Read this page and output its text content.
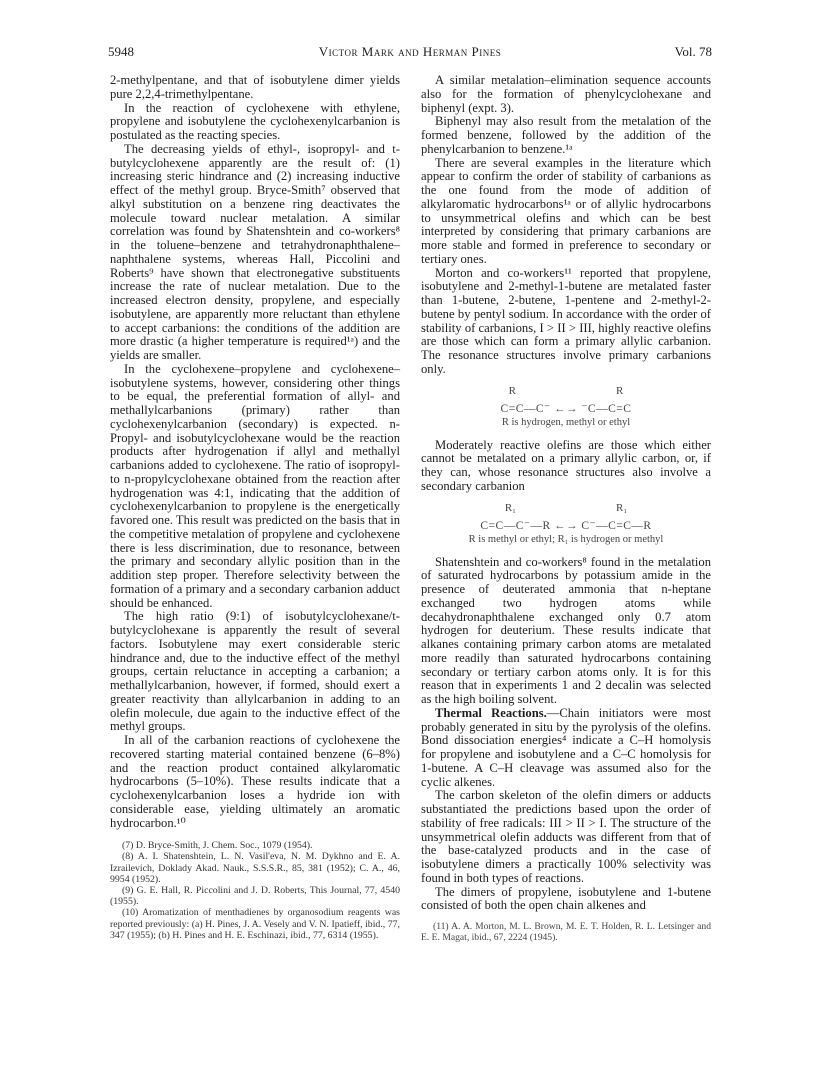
5948	Victor Mark and Herman Pines	Vol. 78

2-methylpentane, and that of isobutylene dimer yields pure 2,2,4-trimethylpentane.

In the reaction of cyclohexene with ethylene, propylene and isobutylene the cyclohexenylcarbanion is postulated as the reacting species.

The decreasing yields of ethyl-, isopropyl- and t-butylcyclohexene apparently are the result of: (1) increasing steric hindrance and (2) increasing inductive effect of the methyl group. Bryce-Smith⁷ observed that alkyl substitution on a benzene ring deactivates the molecule toward nuclear metalation. A similar correlation was found by Shatenshtein and co-workers⁸ in the toluene–benzene and tetrahydronaphthalene–naphthalene systems, whereas Hall, Piccolini and Roberts⁹ have shown that electronegative substituents increase the rate of nuclear metalation. Due to the increased electron density, propylene, and especially isobutylene, are apparently more reluctant than ethylene to accept carbanions: the conditions of the addition are more drastic (a higher temperature is required¹ᵃ) and the yields are smaller.

In the cyclohexene–propylene and cyclohexene–isobutylene systems, however, considering other things to be equal, the preferential formation of allyl- and methallylcarbanions (primary) rather than cyclohexenylcarbanion (secondary) is expected. n-Propyl- and isobutylcyclohexane would be the reaction products after hydrogenation if allyl and methallyl carbanions added to cyclohexene. The ratio of isopropyl- to n-propylcyclohexane obtained from the reaction after hydrogenation was 4:1, indicating that the addition of cyclohexenylcarbanion to propylene is the energetically favored one. This result was predicted on the basis that in the competitive metalation of propylene and cyclohexene there is less discrimination, due to resonance, between the primary and secondary allylic position than in the addition step proper. Therefore selectivity between the formation of a primary and a secondary carbanion adduct should be enhanced.

The high ratio (9:1) of isobutylcyclohexane/t-butylcyclohexane is apparently the result of several factors. Isobutylene may exert considerable steric hindrance and, due to the inductive effect of the methyl groups, certain reluctance in accepting a carbanion; a methallylcarbanion, however, if formed, should exert a greater reactivity than allylcarbanion in adding to an olefin molecule, due again to the inductive effect of the methyl groups.

In all of the carbanion reactions of cyclohexene the recovered starting material contained benzene (6–8%) and the reaction product contained alkylaromatic hydrocarbons (5–10%). These results indicate that a cyclohexenylcarbanion loses a hydride ion with considerable ease, yielding ultimately an aromatic hydrocarbon.¹⁰

(7) D. Bryce-Smith, J. Chem. Soc., 1079 (1954).

(8) A. I. Shatenshtein, L. N. Vasil'eva, N. M. Dykhno and E. A. Izrailevich, Doklady Akad. Nauk., S.S.S.R., 85, 381 (1952); C. A., 46, 9954 (1952).

(9) G. E. Hall, R. Piccolini and J. D. Roberts, This Journal, 77, 4540 (1955).

(10) Aromatization of menthadienes by organosodium reagents was reported previously: (a) H. Pines, J. A. Vesely and V. N. Ipatieff, ibid., 77, 347 (1955); (b) H. Pines and H. E. Eschinazi, ibid., 77, 6314 (1955).

A similar metalation–elimination sequence accounts also for the formation of phenylcyclohexane and biphenyl (expt. 3).

Biphenyl may also result from the metalation of the formed benzene, followed by the addition of the phenylcarbanion to benzene.¹ᵃ

There are several examples in the literature which appear to confirm the order of stability of carbanions as the one found from the mode of addition of alkylaromatic hydrocarbons¹ᵃ or of allylic hydrocarbons to unsymmetrical olefins and which can be best interpreted by considering that primary carbanions are more stable and formed in preference to secondary or tertiary ones.

Morton and co-workers¹¹ reported that propylene, isobutylene and 2-methyl-1-butene are metalated faster than 1-butene, 2-butene, 1-pentene and 2-methyl-2-butene by pentyl sodium. In accordance with the order of stability of carbanions, I > II > III, highly reactive olefins are those which can form a primary allylic carbanion. The resonance structures involve primary carbanions only.

R	R
C=C—C⁻ ←→ ⁻C—C=C
R is hydrogen, methyl or ethyl

Moderately reactive olefins are those which either cannot be metalated on a primary allylic carbon, or, if they can, whose resonance structures also involve a secondary carbanion

R₁	R₁
C=C—C⁻—R ←→ C⁻—C=C—R
R is methyl or ethyl; R₁ is hydrogen or methyl

Shatenshtein and co-workers⁸ found in the metalation of saturated hydrocarbons by potassium amide in the presence of deuterated ammonia that n-heptane exchanged two hydrogen atoms while decahydronaphthalene exchanged only 0.7 atom hydrogen for deuterium. These results indicate that alkanes containing primary carbon atoms are metalated more readily than saturated hydrocarbons containing secondary or tertiary carbon atoms only. It is for this reason that in experiments 1 and 2 decalin was selected as the high boiling solvent.

Thermal Reactions.—Chain initiators were most probably generated in situ by the pyrolysis of the olefins. Bond dissociation energies⁴ indicate a C–H homolysis for propylene and isobutylene and a C–C homolysis for 1-butene. A C–H cleavage was assumed also for the cyclic alkenes.

The carbon skeleton of the olefin dimers or adducts substantiated the predictions based upon the order of stability of free radicals: III > II > I. The structure of the unsymmetrical olefin adducts was different from that of the base-catalyzed products and in the case of isobutylene dimers a practically 100% selectivity was found in both types of reactions.

The dimers of propylene, isobutylene and 1-butene consisted of both the open chain alkenes and

(11) A. A. Morton, M. L. Brown, M. E. T. Holden, R. L. Letsinger and E. E. Magat, ibid., 67, 2224 (1945).
